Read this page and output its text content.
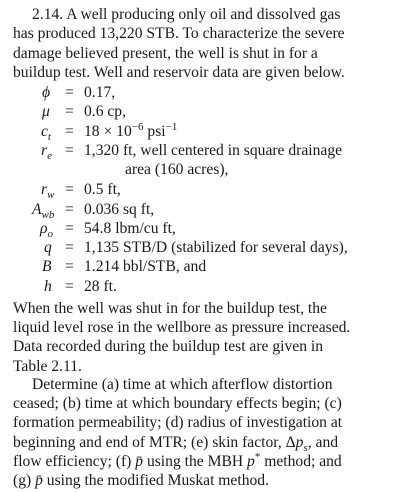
2.14. A well producing only oil and dissolved gas
has produced 13,220 STB. To characterize the severe
damage believed present, the well is shut in for a
buildup test. Well and reservoir data are given below.
ϕ = 0.17,
μ = 0.6 cp,
$c_t = 18 \times 10^{-6}$ psi$^{-1}$
$r_e = 1,320$ ft, well centered in square drainage
area (160 acres),
$r_w = 0.5$ ft,
$A_{wb} = 0.036$ sq ft,
$\rho_o = 54.8$ lbm/cu ft,
q = 1,135 STB/D (stabilized for several days),
B = 1.214 bbl/STB, and
h = 28 ft.
When the well was shut in for the buildup test, the
liquid level rose in the wellbore as pressure increased.
Data recorded during the buildup test are given in
Table 2.11.
Determine (a) time at which afterflow distortion
ceased; (b) time at which boundary effects begin; (c)
formation permeability; (d) radius of investigation at
beginning and end of MTR; (e) skin factor, $\Delta p_s$, and
flow efficiency; (f) p̄ using the MBH p* method; and
(g) p̄ using the modified Muskat method.
